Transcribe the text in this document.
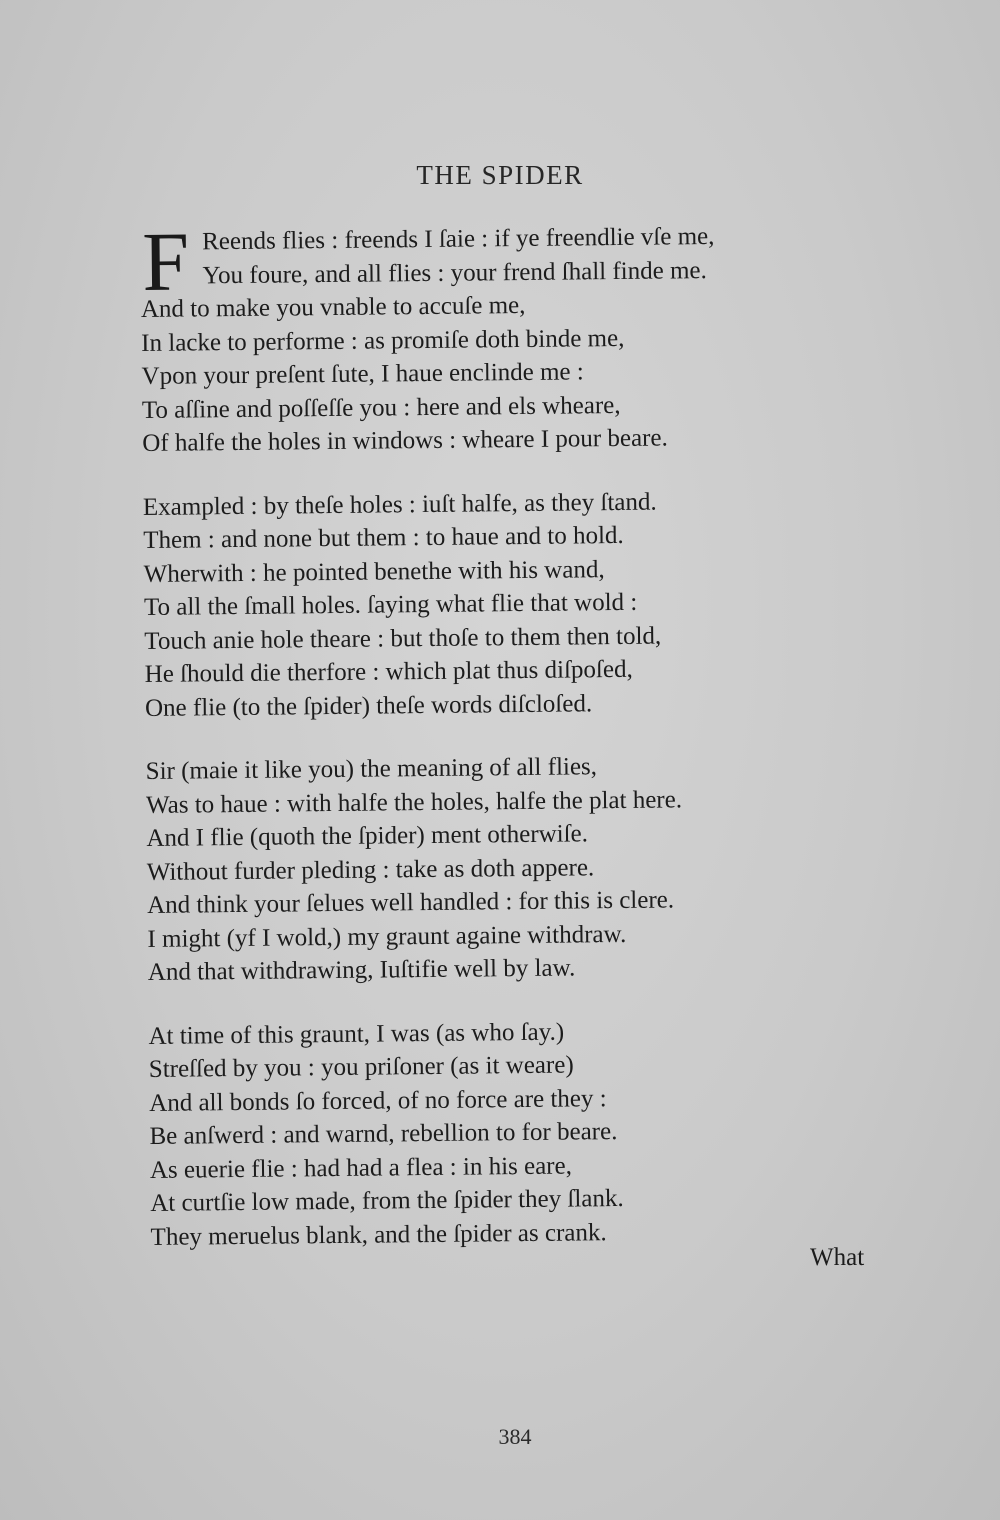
THE SPIDER
F Reends flies : freends I ſaie : if ye freendlie vſe me,
You foure, and all flies : your frend ſhall finde me.
And to make you vnable to accuſe me,
In lacke to performe : as promiſe doth binde me,
Vpon your preſent ſute, I haue enclinde me :
To aſſine and poſſeſſe you : here and els wheare,
Of halfe the holes in windows : wheare I pour beare.
Exampled : by theſe holes : iuſt halfe, as they ſtand.
Them : and none but them : to haue and to hold.
Wherwith : he pointed benethe with his wand,
To all the ſmall holes. ſaying what flie that wold :
Touch anie hole theare : but thoſe to them then told,
He ſhould die therfore : which plat thus diſpoſed,
One flie (to the ſpider) theſe words diſcloſed.
Sir (maie it like you) the meaning of all flies,
Was to haue : with halfe the holes, halfe the plat here.
And I flie (quoth the ſpider) ment otherwiſe.
Without furder pleding : take as doth appere.
And think your ſelues well handled : for this is clere.
I might (yf I wold,) my graunt againe withdraw.
And that withdrawing, Iuſtifie well by law.
At time of this graunt, I was (as who ſay.)
Streſſed by you : you priſoner (as it weare)
And all bonds ſo forced, of no force are they :
Be anſwerd : and warnd, rebellion to for beare.
As euerie flie : had had a flea : in his eare,
At curtſie low made, from the ſpider they ſlank.
They meruelus blank, and the ſpider as crank.
What
384
